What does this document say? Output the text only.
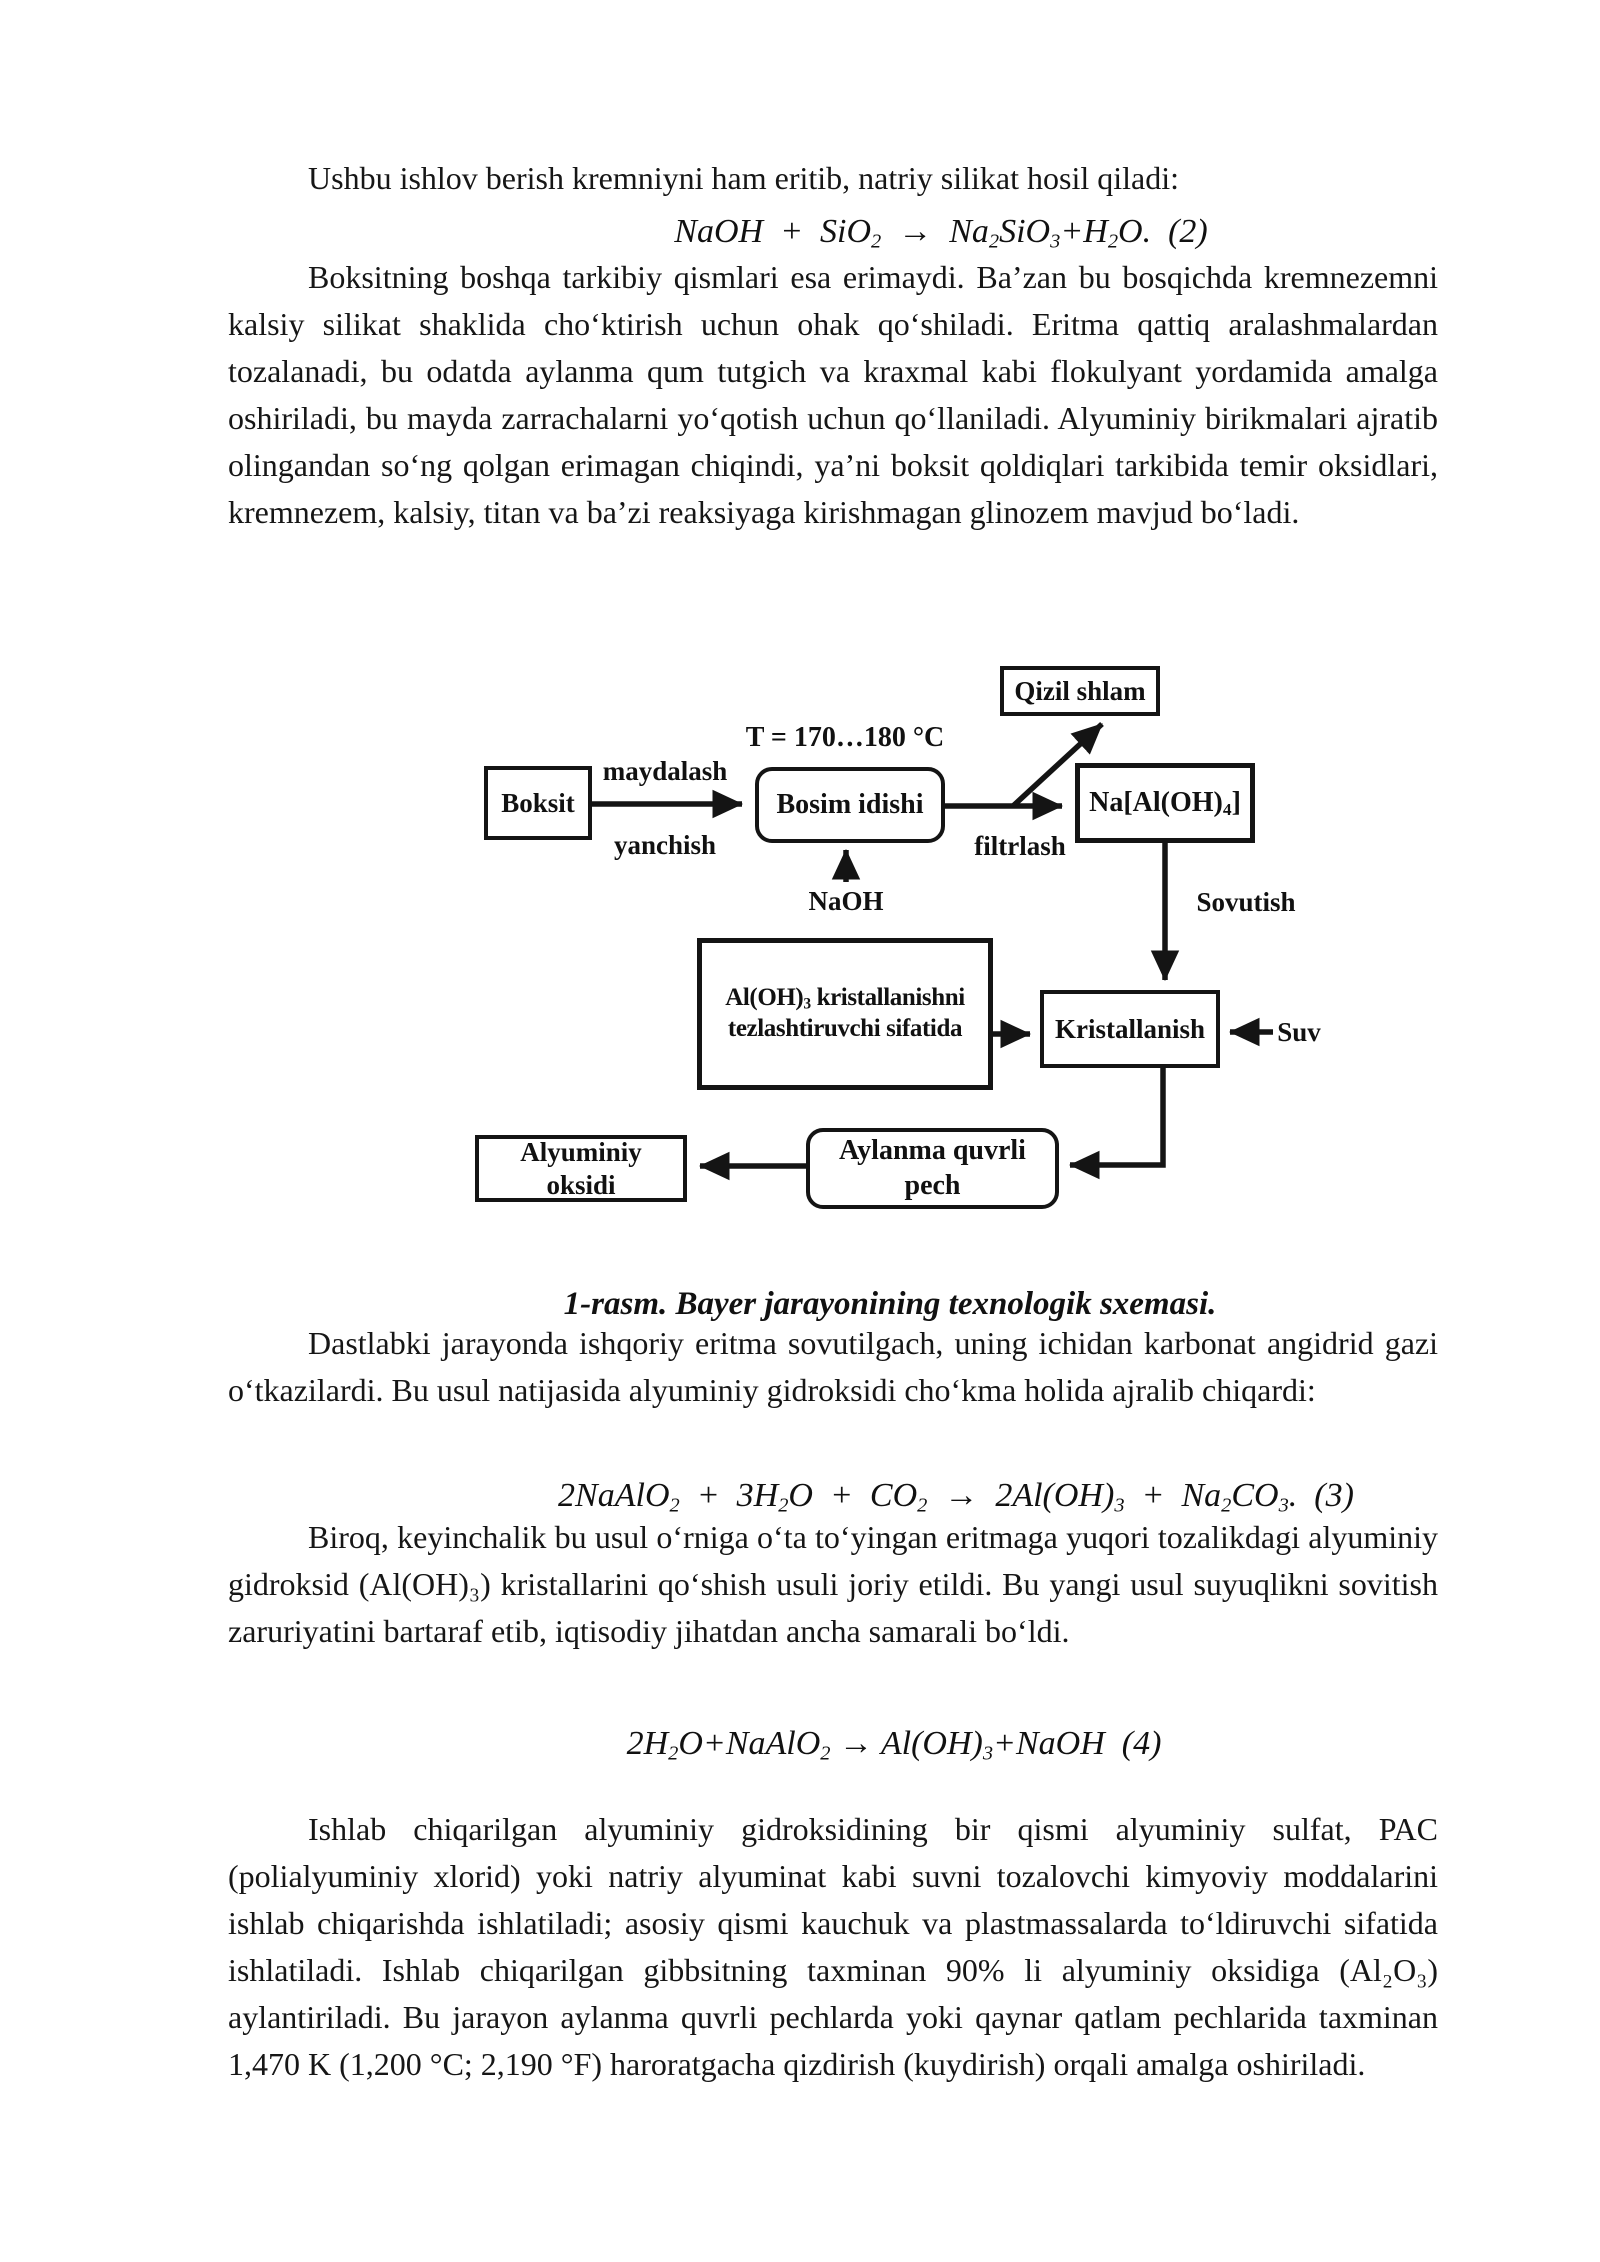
Ushbu ishlov berish kremniyni ham eritib, natriy silikat hosil qiladi:

NaOH  +  $SiO_2 \to Na_2SiO_3+H_2O$.  (2)

Boksitning boshqa tarkibiy qismlari esa erimaydi. Ba’zan bu bosqichda kremnezemni kalsiy silikat shaklida choʻktirish uchun ohak qoʻshiladi. Eritma qattiq aralashmalardan tozalanadi, bu odatda aylanma qum tutgich va kraxmal kabi flokulyant yordamida amalga oshiriladi, bu mayda zarrachalarni yoʻqotish uchun qoʻllaniladi. Alyuminiy birikmalari ajratib olingandan soʻng qolgan erimagan chiqindi, ya’ni boksit qoldiqlari tarkibida temir oksidlari, kremnezem, kalsiy, titan va ba’zi reaksiyaga kirishmagan glinozem mavjud boʻladi.

Qizil shlam
T = 170…180 °C
Boksit
maydalash
yanchish
Bosim idishi
filtrlash
$Na[Al(OH)_4]$
NaOH	Sovutish
$Al(OH)_3$ kristallanishni
tezlashtiruvchi sifatida	Kristallanish	Suv
Aylanma quvrli
pech
Alyuminiy
oksidi
1-rasm. Bayer jarayonining texnologik sxemasi.

Dastlabki jarayonda ishqoriy eritma sovutilgach, uning ichidan karbonat angidrid gazi oʻtkazilardi. Bu usul natijasida alyuminiy gidroksidi choʻkma holida ajralib chiqardi:

2NaAlO$_2$  +  $3H_2O + CO_2 \to 2Al(OH)_3 + Na_2CO_3$.  (3)

Biroq, keyinchalik bu usul oʻrniga oʻta toʻyingan eritmaga yuqori tozalikdagi alyuminiy gidroksid (Al(OH)₃) kristallarini qoʻshish usuli joriy etildi. Bu yangi usul suyuqlikni sovitish zaruriyatini bartaraf etib, iqtisodiy jihatdan ancha samarali boʻldi.

$2H_2O+NaAlO_2$ → $Al(OH)_3+NaOH$  (4)

Ishlab chiqarilgan alyuminiy gidroksidining bir qismi alyuminiy sulfat, PAC (polialyuminiy xlorid) yoki natriy alyuminat kabi suvni tozalovchi kimyoviy moddalarini ishlab chiqarishda ishlatiladi; asosiy qismi kauchuk va plastmassalarda toʻldiruvchi sifatida ishlatiladi. Ishlab chiqarilgan gibbsitning taxminan 90% li alyuminiy oksidiga (Al₂O₃) aylantiriladi. Bu jarayon aylanma quvrli pechlarda yoki qaynar qatlam pechlarida taxminan 1,470 K (1,200 °C; 2,190 °F) haroratgacha qizdirish (kuydirish) orqali amalga oshiriladi.
